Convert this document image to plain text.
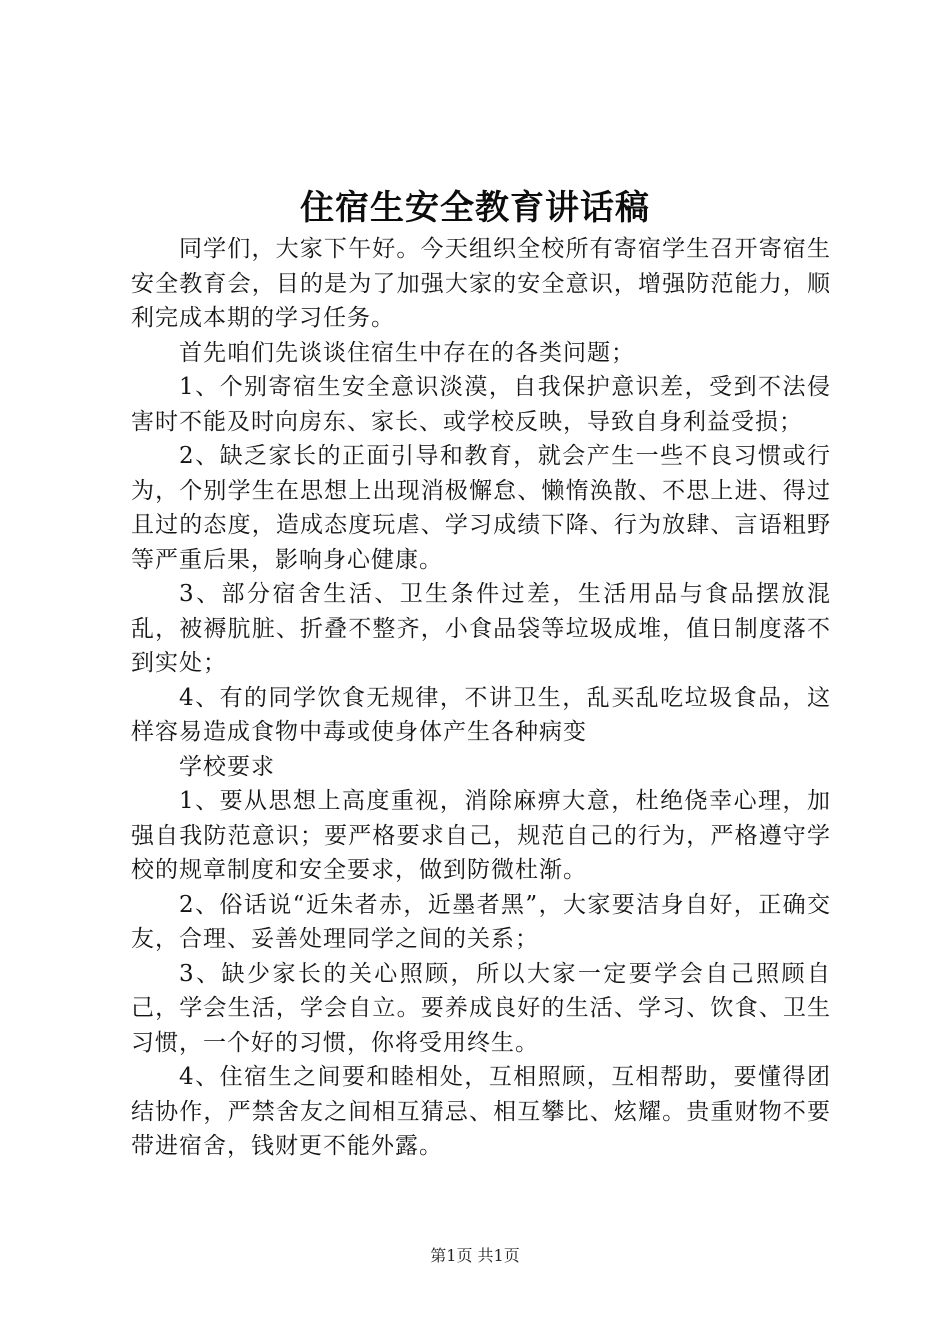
住宿生安全教育讲话稿

同学们，大家下午好。今天组织全校所有寄宿学生召开寄宿生安全教育会，目的是为了加强大家的安全意识，增强防范能力，顺利完成本期的学习任务。

首先咱们先谈谈住宿生中存在的各类问题；

1、个别寄宿生安全意识淡漠，自我保护意识差，受到不法侵害时不能及时向房东、家长、或学校反映，导致自身利益受损；

2、缺乏家长的正面引导和教育，就会产生一些不良习惯或行为，个别学生在思想上出现消极懈怠、懒惰涣散、不思上进、得过且过的态度，造成态度玩虐、学习成绩下降、行为放肆、言语粗野等严重后果，影响身心健康。

3、部分宿舍生活、卫生条件过差，生活用品与食品摆放混乱，被褥肮脏、折叠不整齐，小食品袋等垃圾成堆，值日制度落不到实处；

4、有的同学饮食无规律，不讲卫生，乱买乱吃垃圾食品，这样容易造成食物中毒或使身体产生各种病变

学校要求

1、要从思想上高度重视，消除麻痹大意，杜绝侥幸心理，加强自我防范意识；要严格要求自己，规范自己的行为，严格遵守学校的规章制度和安全要求，做到防微杜渐。

2、俗话说“近朱者赤，近墨者黑”，大家要洁身自好，正确交友，合理、妥善处理同学之间的关系；

3、缺少家长的关心照顾，所以大家一定要学会自己照顾自己，学会生活，学会自立。要养成良好的生活、学习、饮食、卫生习惯，一个好的习惯，你将受用终生。

4、住宿生之间要和睦相处，互相照顾，互相帮助，要懂得团结协作，严禁舍友之间相互猜忌、相互攀比、炫耀。贵重财物不要带进宿舍，钱财更不能外露。

第1页 共1页
